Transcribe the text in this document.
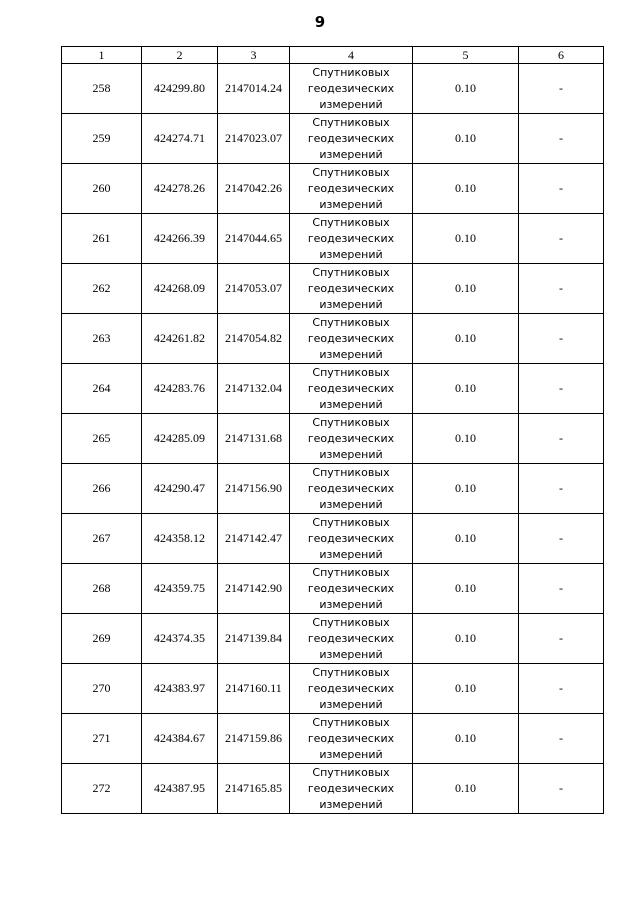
9
1	2	3	4	5	6
258	424299.80	2147014.24	Спутниковых геодезических измерений	0.10	-
259	424274.71	2147023.07	Спутниковых геодезических измерений	0.10	-
260	424278.26	2147042.26	Спутниковых геодезических измерений	0.10	-
261	424266.39	2147044.65	Спутниковых геодезических измерений	0.10	-
262	424268.09	2147053.07	Спутниковых геодезических измерений	0.10	-
263	424261.82	2147054.82	Спутниковых геодезических измерений	0.10	-
264	424283.76	2147132.04	Спутниковых геодезических измерений	0.10	-
265	424285.09	2147131.68	Спутниковых геодезических измерений	0.10	-
266	424290.47	2147156.90	Спутниковых геодезических измерений	0.10	-
267	424358.12	2147142.47	Спутниковых геодезических измерений	0.10	-
268	424359.75	2147142.90	Спутниковых геодезических измерений	0.10	-
269	424374.35	2147139.84	Спутниковых геодезических измерений	0.10	-
270	424383.97	2147160.11	Спутниковых геодезических измерений	0.10	-
271	424384.67	2147159.86	Спутниковых геодезических измерений	0.10	-
272	424387.95	2147165.85	Спутниковых геодезических измерений	0.10	-
